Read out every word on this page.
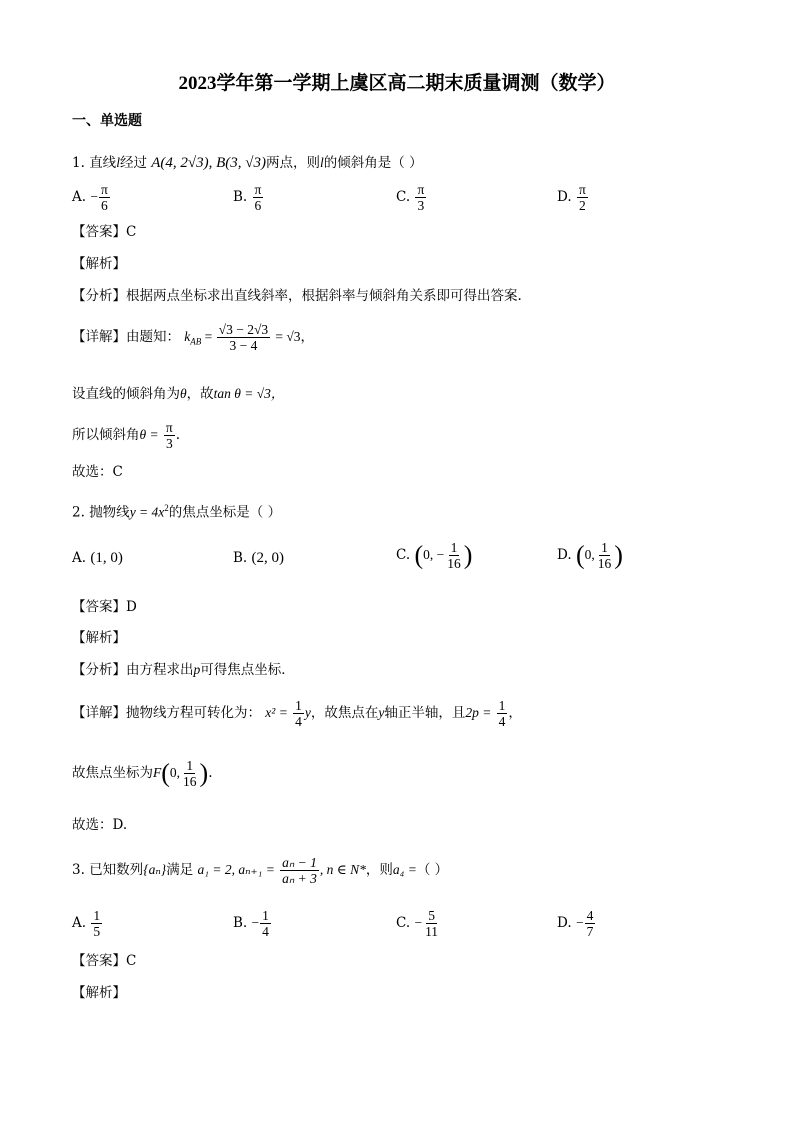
2023学年第一学期上虞区高二期末质量调测（数学）
一、单选题
1. 直线l经过 A(4, 2√3), B(3, √3)两点，则l的倾斜角是（ ）
A. − $\frac{\pi}{6}$	B. $\frac{\pi}{6}$	C. $\frac{\pi}{3}$	D. $\frac{\pi}{2}$
【答案】C
【解析】
【分析】根据两点坐标求出直线斜率，根据斜率与倾斜角关系即可得出答案.
【详解】由题知： $k_{AB} = \frac{√3 - 2√3}{3 - 4} = √3$，
设直线的倾斜角为θ，故tan θ = √3，
所以倾斜角$\theta = \frac{\pi}{3}$ .
故选：C
2. 抛物线$y = 4x^2$的焦点坐标是（ ）
A. (1, 0)	B. (2, 0)	C. (0, − $\frac{1}{16}$ )	D. (0, $\frac{1}{16}$ )
【答案】D
【解析】
【分析】由方程求出p可得焦点坐标．
【详解】抛物线方程可转化为： $x^2 = \frac{1}{4}$ y，故焦点在y轴正半轴，且$2p = \frac{1}{4}$ ，
故焦点坐标为F(0, $\frac{1}{16}$ ).
故选：D.
3. 已知数列{aₙ}满足 a₁ = 2, $a_{n+1} = \frac{\text{aₙ − 1}}{\text{aₙ + 3}}$ , n ∈ N*，则a₄ =（ ）
A. $\frac{1}{5}$	B. − $\frac{1}{4}$	C. − $\frac{5}{11}$	D. − $\frac{4}{7}$
【答案】C
【解析】
